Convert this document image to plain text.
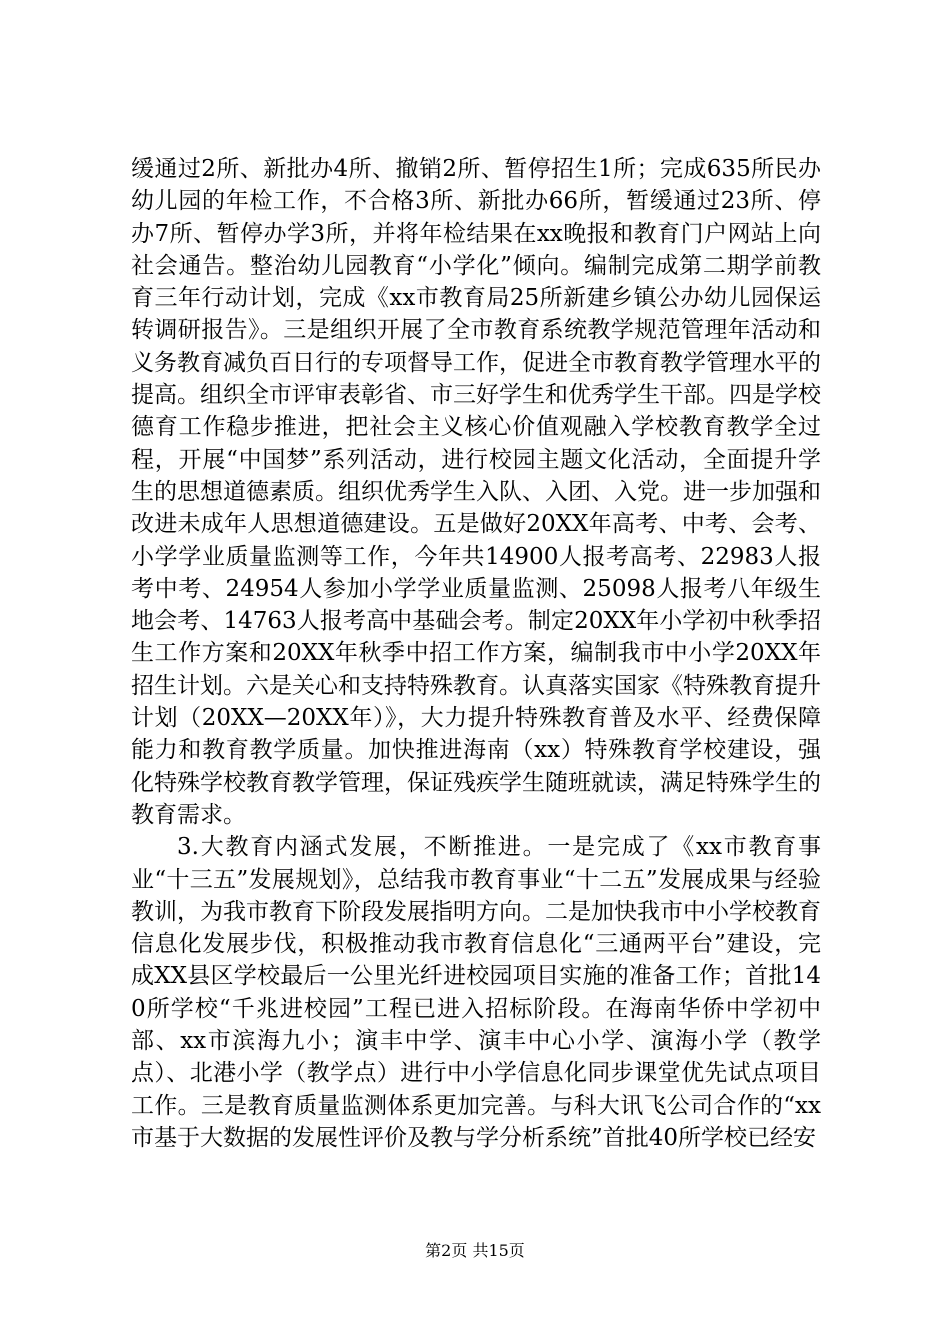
缓通过2所、新批办4所、撤销2所、暂停招生1所；完成635所民办幼儿园的年检工作，不合格3所、新批办66所，暂缓通过23所、停办7所、暂停办学3所，并将年检结果在xx晚报和教育门户网站上向社会通告。整治幼儿园教育“小学化”倾向。编制完成第二期学前教育三年行动计划，完成《xx市教育局25所新建乡镇公办幼儿园保运转调研报告》。三是组织开展了全市教育系统教学规范管理年活动和义务教育减负百日行的专项督导工作，促进全市教育教学管理水平的提高。组织全市评审表彰省、市三好学生和优秀学生干部。四是学校德育工作稳步推进，把社会主义核心价值观融入学校教育教学全过程，开展“中国梦”系列活动，进行校园主题文化活动，全面提升学生的思想道德素质。组织优秀学生入队、入团、入党。进一步加强和改进未成年人思想道德建设。五是做好20XX年高考、中考、会考、小学学业质量监测等工作，今年共14900人报考高考、22983人报考中考、24954人参加小学学业质量监测、25098人报考八年级生地会考、14763人报考高中基础会考。制定20XX年小学初中秋季招生工作方案和20XX年秋季中招工作方案，编制我市中小学20XX年招生计划。六是关心和支持特殊教育。认真落实国家《特殊教育提升计划（20XX—20XX年）》，大力提升特殊教育普及水平、经费保障能力和教育教学质量。加快推进海南（xx）特殊教育学校建设，强化特殊学校教育教学管理，保证残疾学生随班就读，满足特殊学生的教育需求。

3.大教育内涵式发展，不断推进。一是完成了《xx市教育事业“十三五”发展规划》，总结我市教育事业“十二五”发展成果与经验教训，为我市教育下阶段发展指明方向。二是加快我市中小学校教育信息化发展步伐，积极推动我市教育信息化“三通两平台”建设，完成XX县区学校最后一公里光纤进校园项目实施的准备工作；首批140所学校“千兆进校园”工程已进入招标阶段。在海南华侨中学初中部、xx市滨海九小；演丰中学、演丰中心小学、演海小学（教学点）、北港小学（教学点）进行中小学信息化同步课堂优先试点项目工作。三是教育质量监测体系更加完善。与科大讯飞公司合作的“xx市基于大数据的发展性评价及教与学分析系统”首批40所学校已经安

第2页 共15页
